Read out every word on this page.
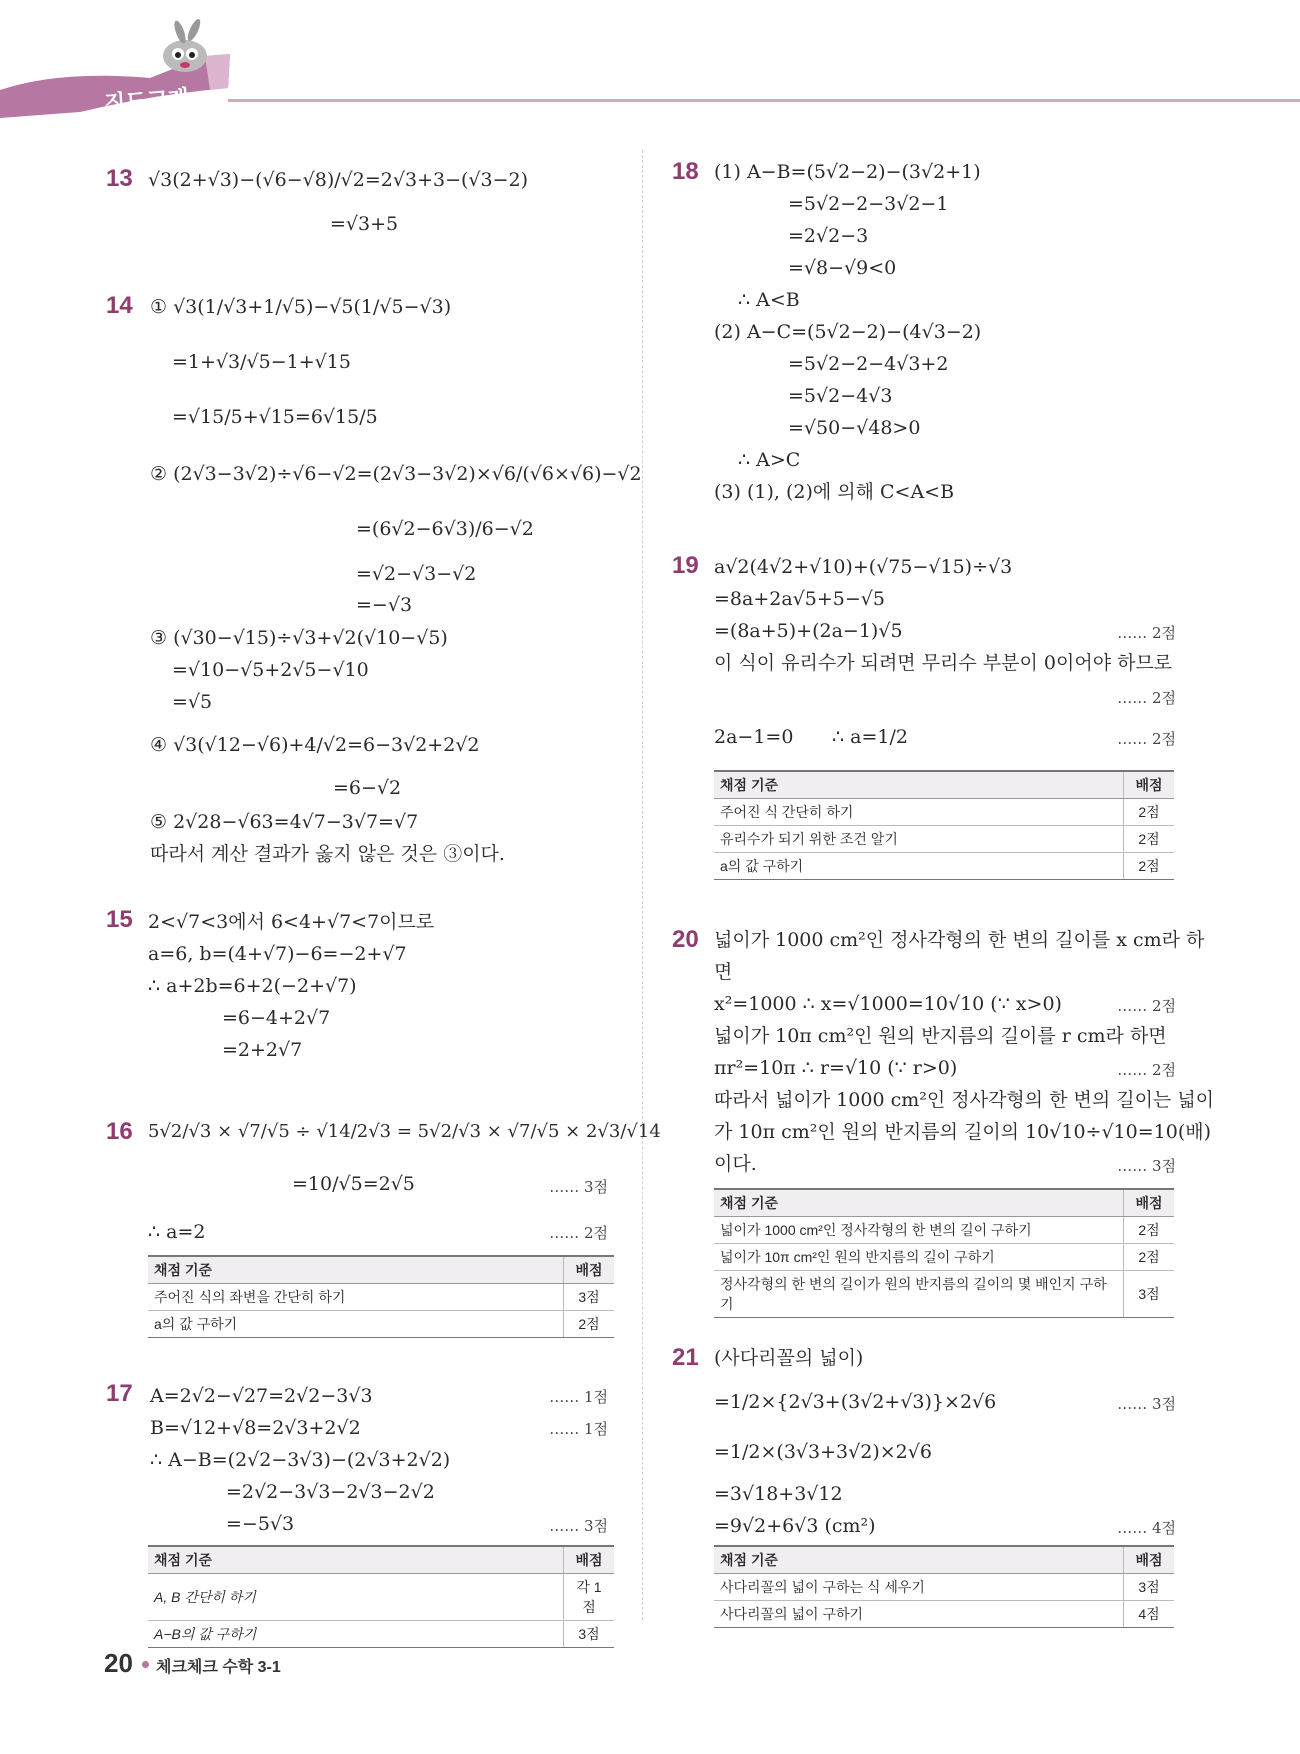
진도교재
13 √3(2+√3)−(√6−√8)/√2=2√3+3−(√3−2)
=√3+5
14 ① √3(1/√3+1/√5)−√5(1/√5−√3)
=1+√3/√5−1+√15
=√15/5+√15=6√15/5
② (2√3−3√2)÷√6−√2=(2√3−3√2)×√6/(√6×√6)−√2
=(6√2−6√3)/6−√2
=√2−√3−√2
=−√3
③ (√30−√15)÷√3+√2(√10−√5)
=√10−√5+2√5−√10
=√5
④ √3(√12−√6)+4/√2=6−3√2+2√2
=6−√2
⑤ 2√28−√63=4√7−3√7=√7
따라서 계산 결과가 옳지 않은 것은 ③이다.
15 2<√7<3에서 6<4+√7<7이므로
a=6, b=(4+√7)−6=−2+√7
∴ a+2b=6+2(−2+√7)
=6−4+2√7
=2+2√7
16 5√2/√3 × √7/√5 ÷ √14/2√3 = 5√2/√3 × √7/√5 × 2√3/√14
=10/√5=2√5	…… 3점
∴ a=2	…… 2점
채점 기준	배점
주어진 식의 좌변을 간단히 하기	3점
a의 값 구하기	2점
17 A=2√2−√27=2√2−3√3	…… 1점
B=√12+√8=2√3+2√2	…… 1점
∴ A−B=(2√2−3√3)−(2√3+2√2)
=2√2−3√3−2√3−2√2
=−5√3	…… 3점
채점 기준	배점
A, B 간단히 하기	각 1점
A−B의 값 구하기	3점
18 (1) A−B=(5√2−2)−(3√2+1)
=5√2−2−3√2−1
=2√2−3
=√8−√9<0
∴ A<B
(2) A−C=(5√2−2)−(4√3−2)
=5√2−2−4√3+2
=5√2−4√3
=√50−√48>0
∴ A>C
(3) (1), (2)에 의해 C<A<B
19 a√2(4√2+√10)+(√75−√15)÷√3
=8a+2a√5+5−√5
=(8a+5)+(2a−1)√5	…… 2점
이 식이 유리수가 되려면 무리수 부분이 0이어야 하므로
…… 2점
2a−1=0 ∴ a=1/2	…… 2점
채점 기준	배점
주어진 식 간단히 하기	2점
유리수가 되기 위한 조건 알기	2점
a의 값 구하기	2점
20 넓이가 1000 cm²인 정사각형의 한 변의 길이를 x cm라 하
면
x²=1000 ∴ x=√1000=10√10 (∵ x>0)	…… 2점
넓이가 10π cm²인 원의 반지름의 길이를 r cm라 하면
πr²=10π ∴ r=√10 (∵ r>0)	…… 2점
따라서 넓이가 1000 cm²인 정사각형의 한 변의 길이는 넓이
가 10π cm²인 원의 반지름의 길이의 10√10÷√10=10(배)
이다.	…… 3점
채점 기준	배점
넓이가 1000 cm²인 정사각형의 한 변의 길이 구하기	2점
넓이가 10π cm²인 원의 반지름의 길이 구하기	2점
정사각형의 한 변의 길이가 원의 반지름의 길이의 몇 배인지 구하기	3점
21 (사다리꼴의 넓이)
=1/2×{2√3+(3√2+√3)}×2√6	…… 3점
=1/2×(3√3+3√2)×2√6
=3√18+3√12
=9√2+6√3 (cm²)	…… 4점
채점 기준	배점
사다리꼴의 넓이 구하는 식 세우기	3점
사다리꼴의 넓이 구하기	4점
20 체크체크 수학 3-1
